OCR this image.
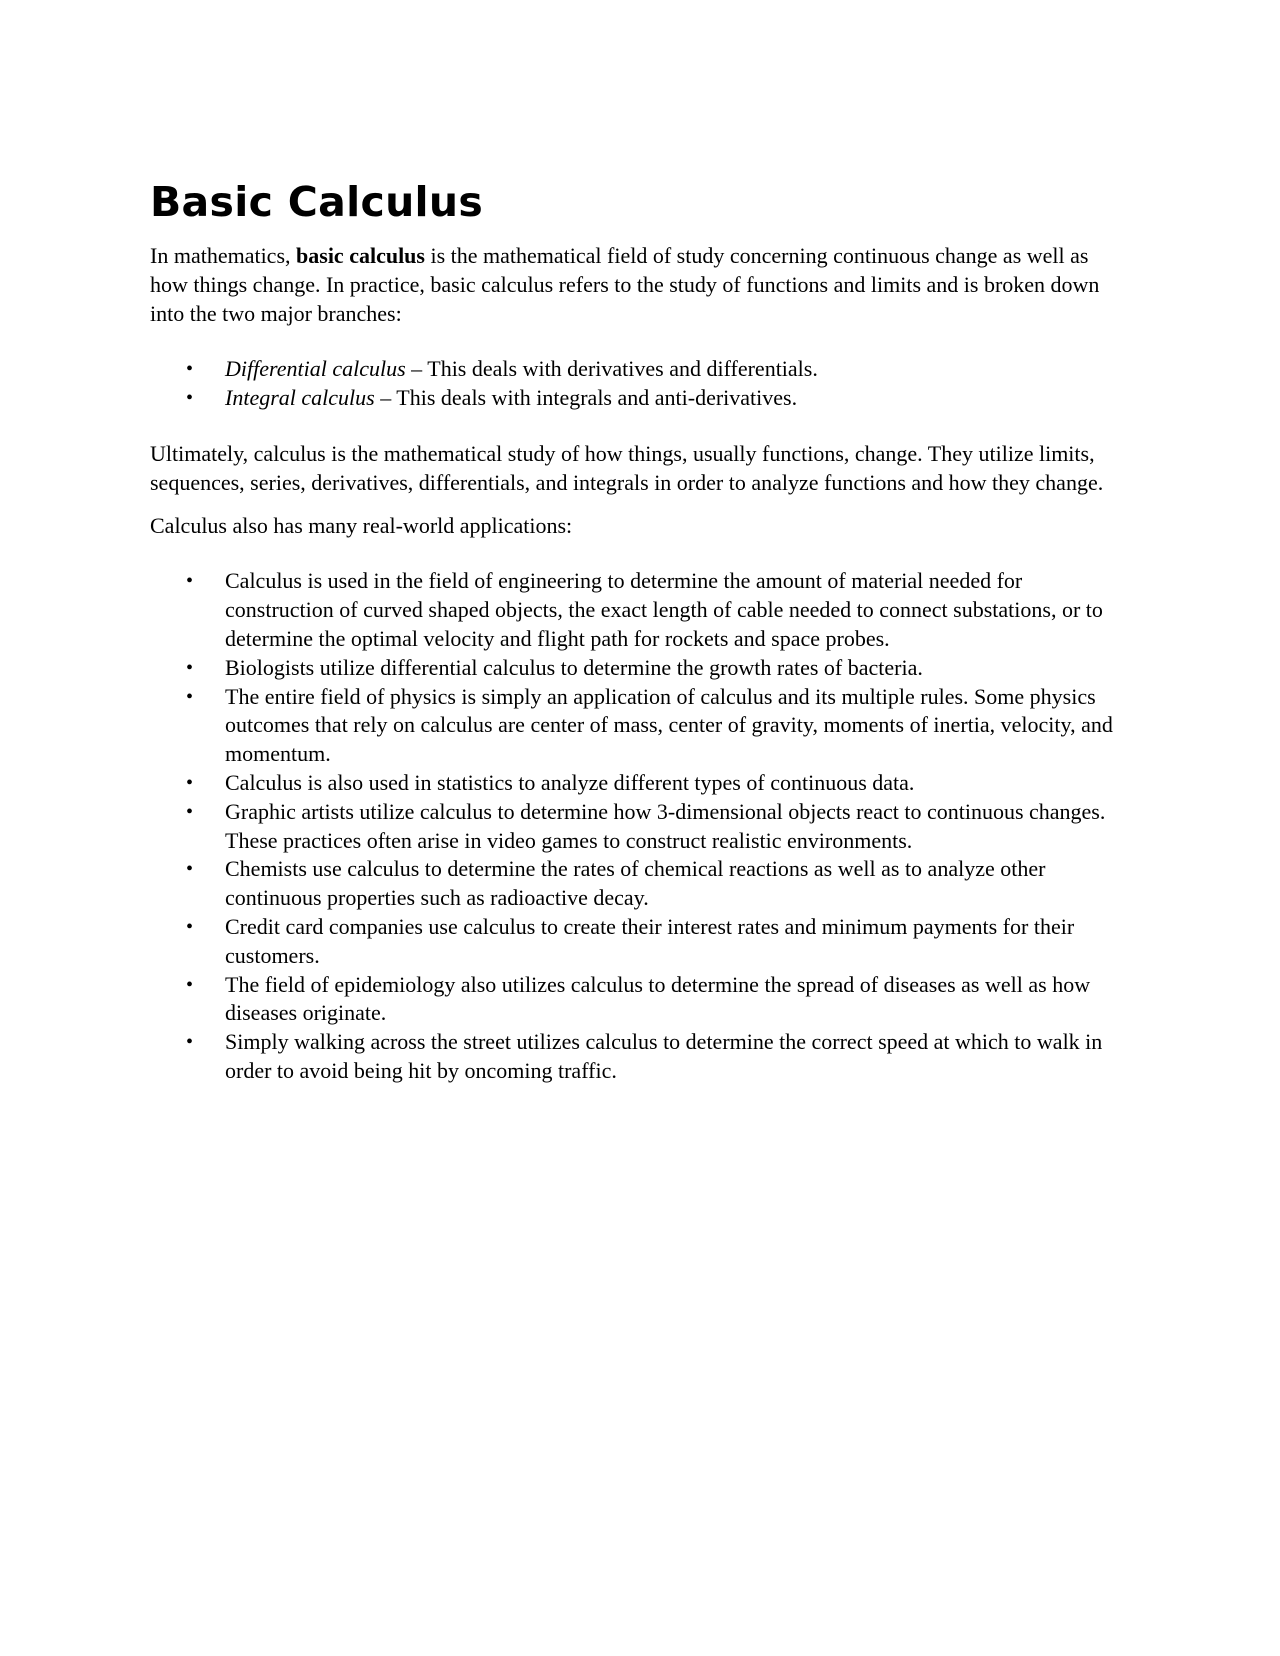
Basic Calculus

In mathematics, basic calculus is the mathematical field of study concerning continuous change as well as how things change. In practice, basic calculus refers to the study of functions and limits and is broken down into the two major branches:

• Differential calculus – This deals with derivatives and differentials.
• Integral calculus – This deals with integrals and anti-derivatives.

Ultimately, calculus is the mathematical study of how things, usually functions, change. They utilize limits, sequences, series, derivatives, differentials, and integrals in order to analyze functions and how they change.

Calculus also has many real-world applications:

• Calculus is used in the field of engineering to determine the amount of material needed for construction of curved shaped objects, the exact length of cable needed to connect substations, or to determine the optimal velocity and flight path for rockets and space probes.
• Biologists utilize differential calculus to determine the growth rates of bacteria.
• The entire field of physics is simply an application of calculus and its multiple rules. Some physics outcomes that rely on calculus are center of mass, center of gravity, moments of inertia, velocity, and momentum.
• Calculus is also used in statistics to analyze different types of continuous data.
• Graphic artists utilize calculus to determine how 3-dimensional objects react to continuous changes. These practices often arise in video games to construct realistic environments.
• Chemists use calculus to determine the rates of chemical reactions as well as to analyze other continuous properties such as radioactive decay.
• Credit card companies use calculus to create their interest rates and minimum payments for their customers.
• The field of epidemiology also utilizes calculus to determine the spread of diseases as well as how diseases originate.
• Simply walking across the street utilizes calculus to determine the correct speed at which to walk in order to avoid being hit by oncoming traffic.
